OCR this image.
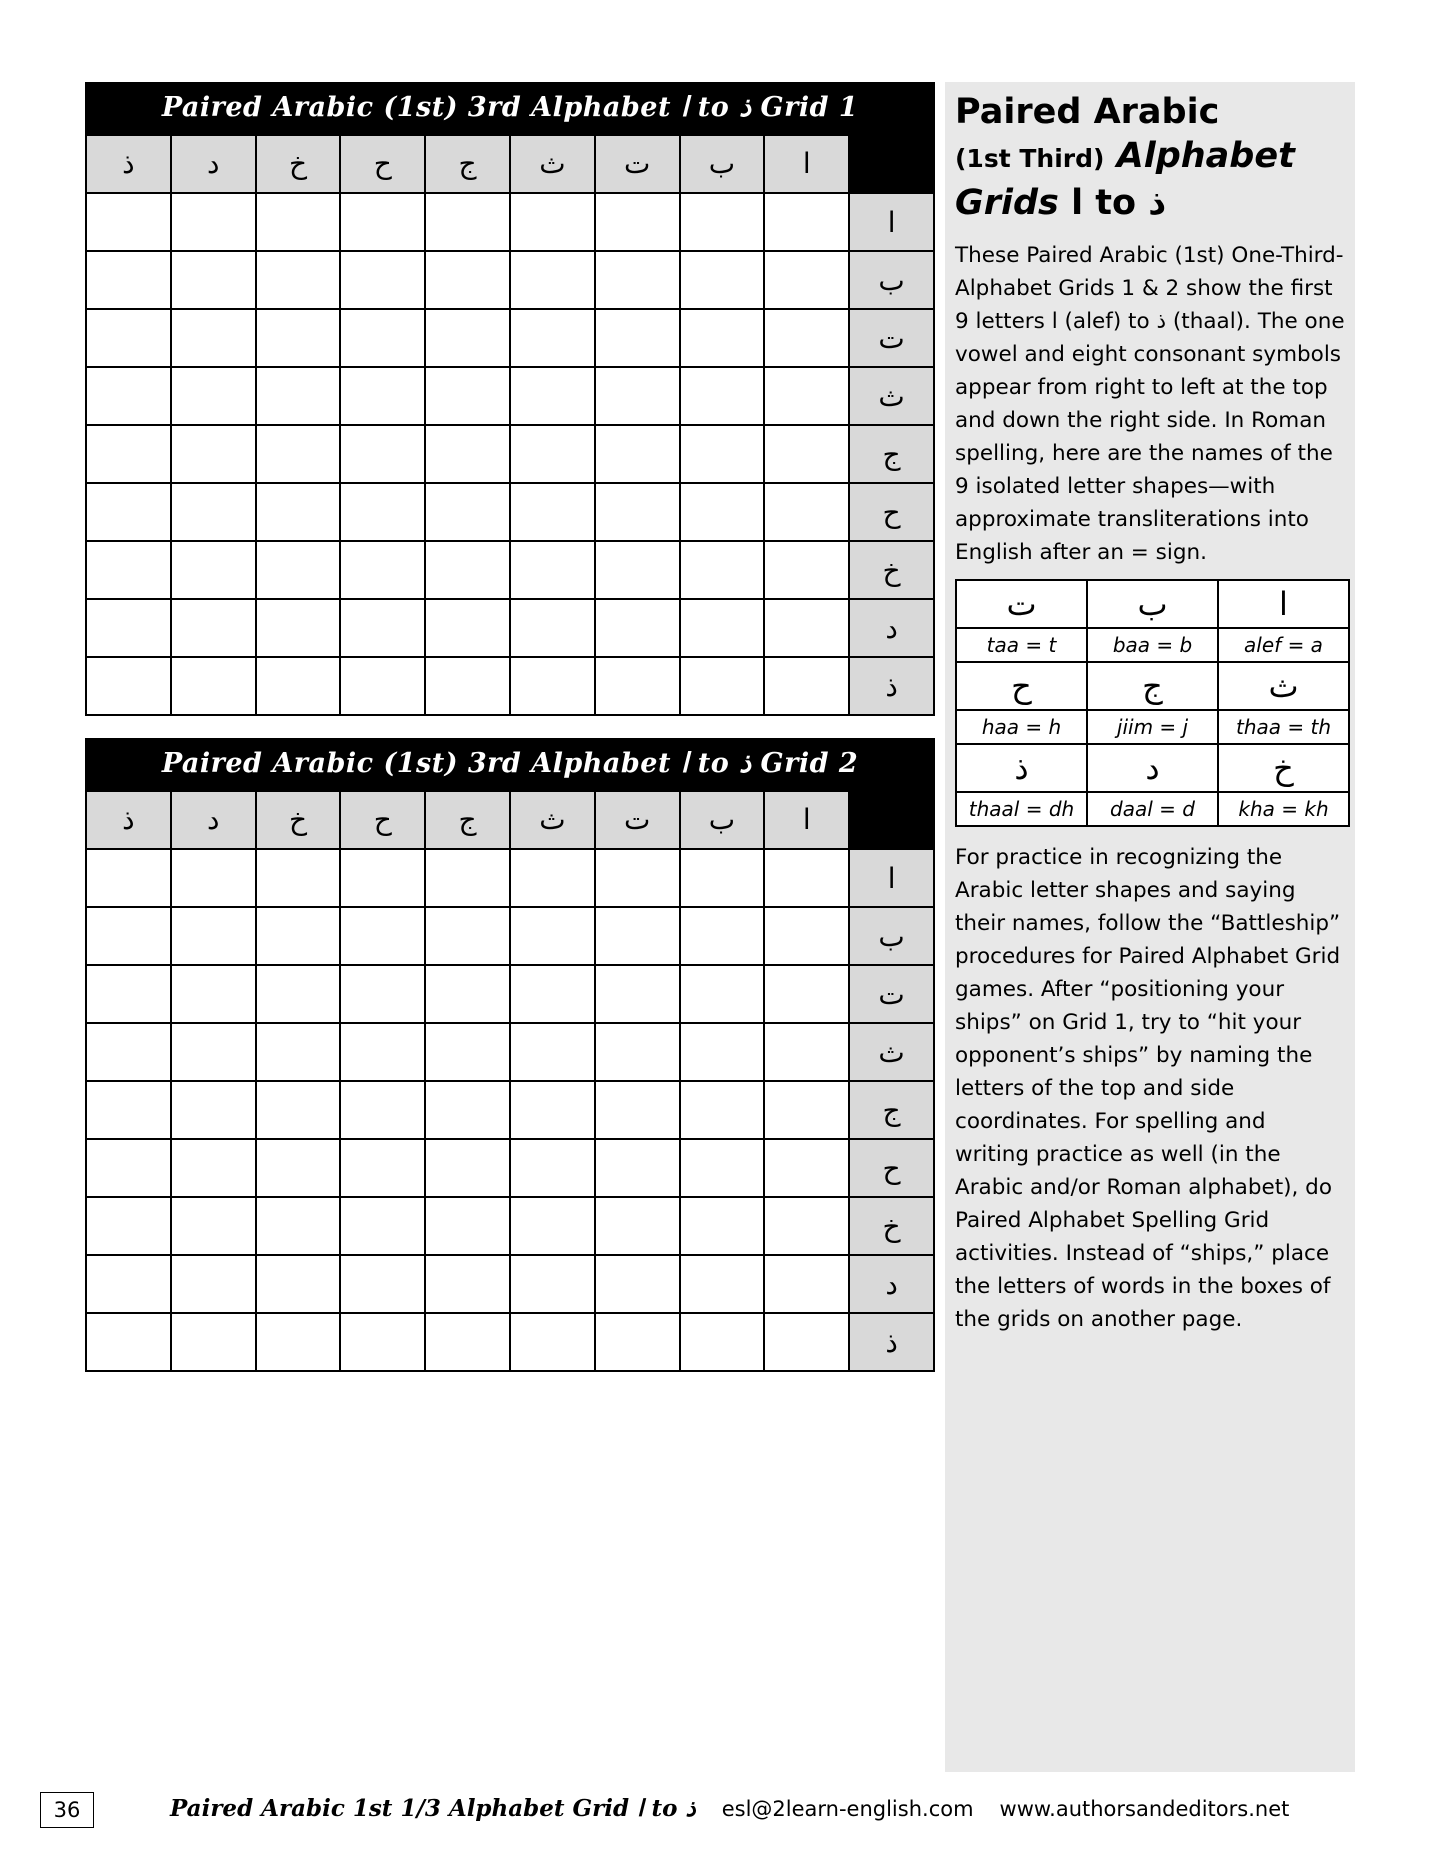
Paired Arabic (1st) 3rd Alphabet ا to ذ Grid 1
ذ	د	خ	ح	ج	ث	ت	ب	ا	
									ا
									ب
									ت
									ث
									ج
									ح
									خ
									د
									ذ
Paired Arabic (1st) 3rd Alphabet ا to ذ Grid 2
ذ	د	خ	ح	ج	ث	ت	ب	ا	
									ا
									ب
									ت
									ث
									ج
									ح
									خ
									د
									ذ
Paired Arabic
(1st Third) Alphabet
Grids ا to ذ
These Paired Arabic (1st) One-Third-Alphabet Grids 1 & 2 show the first 9 letters ا (alef) to ذ (thaal). The one vowel and eight consonant symbols appear from right to left at the top and down the right side. In Roman spelling, here are the names of the 9 isolated letter shapes—with approximate transliterations into English after an = sign.
ت	ب	ا
taa = t	baa = b	alef = a
ح	ج	ث
haa = h	jiim = j	thaa = th
ذ	د	خ
thaal = dh	daal = d	kha = kh
For practice in recognizing the Arabic letter shapes and saying their names, follow the “Battleship” procedures for Paired Alphabet Grid games. After “positioning your ships” on Grid 1, try to “hit your opponent’s ships” by naming the letters of the top and side coordinates. For spelling and writing practice as well (in the Arabic and/or Roman alphabet), do Paired Alphabet Spelling Grid activities. Instead of “ships,” place the letters of words in the boxes of the grids on another page.
36	Paired Arabic 1st 1/3 Alphabet Grid ا to ذ esl@2learn-english.com www.authorsandeditors.net
